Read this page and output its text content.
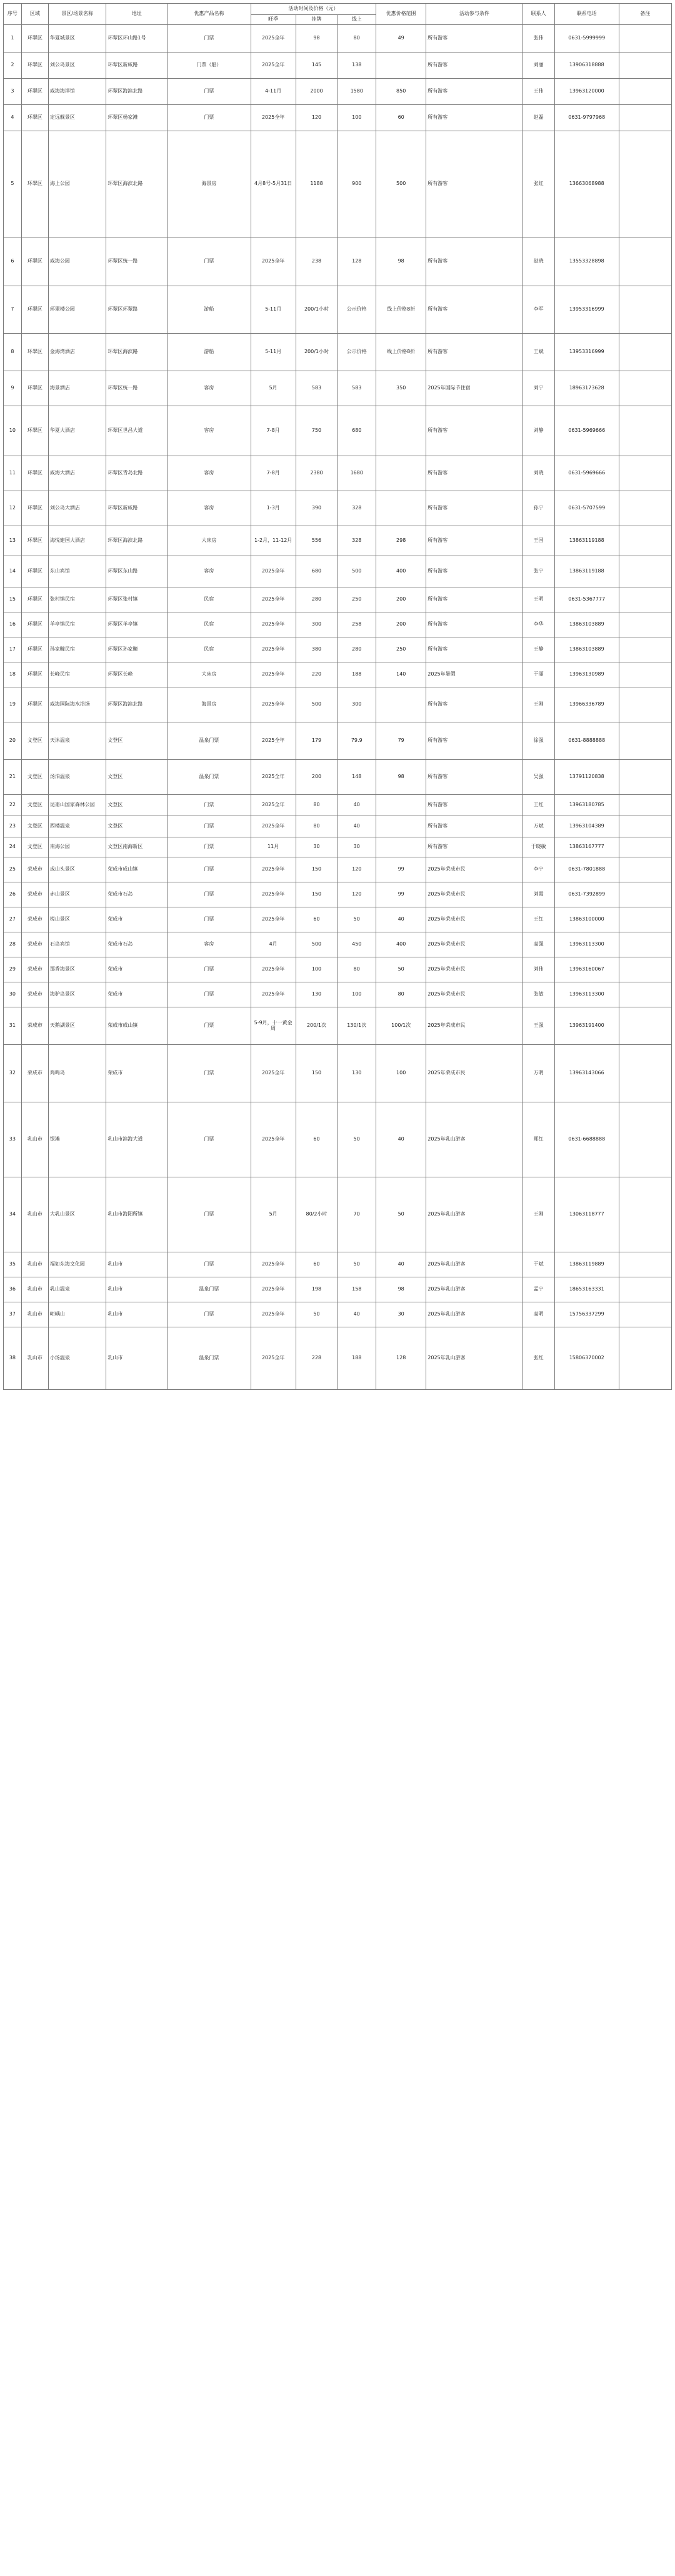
序号	区域	景区/场景名称	地址	优惠产品名称	活动时间及价格（元）			优惠价格范围	活动参与条件	联系人	联系电话	备注
					旺季	挂牌	线上					
1	环翠区	华夏城景区	环翠区环山路1号	门票	2025全年	98	80	49	所有游客	张伟	0631-5999999	
2	环翠区	刘公岛景区	环翠区新威路	门票（船）	2025全年	145	138		所有游客	刘丽	13906318888	
3	环翠区	威海海洋馆	环翠区海滨北路	门票	4-11月	2000	1580	850	所有游客	王伟	13963120000	
4	环翠区	定远舰景区	环翠区杨家滩	门票	2025全年	120	100	60	所有游客	赵磊	0631-9797968	
5	环翠区	海上公园	环翠区海滨北路	海景房	4月8号-5月31日	1188	900	500	所有游客	张红	13663068988	
6	环翠区	威海公园	环翠区统一路	门票	2025全年	238	128	98	所有游客	赵晓	13553328898	
7	环翠区	环翠楼公园	环翠区环翠路	游船	5-11月	200/1小时	公示价格	线上价格8折	所有游客	李军	13953316999	
8	环翠区	金海湾酒店	环翠区海滨路	游船	5-11月	200/1小时	公示价格	线上价格8折	所有游客	王斌	13953316999	
9	环翠区	海景酒店	环翠区统一路	客房	5月	583	583	350	2025年国际节住宿	刘宁	18963173628	
10	环翠区	华夏大酒店	环翠区世昌大道	客房	7-8月	750	680		所有游客	刘静	0631-5969666	
11	环翠区	威海大酒店	环翠区青岛北路	客房	7-8月	2380	1680		所有游客	刘晓	0631-5969666	
12	环翠区	刘公岛大酒店	环翠区新威路	客房	1-3月	390	328		所有游客	孙宁	0631-5707599	
13	环翠区	海悦建国大酒店	环翠区海滨北路	大床房	1-2月，11-12月	556	328	298	所有游客	王国	13863119188	
14	环翠区	东山宾馆	环翠区东山路	客房	2025全年	680	500	400	所有游客	张宁	13863119188	
15	环翠区	张村镇民宿	环翠区张村镇	民宿	2025全年	280	250	200	所有游客	王明	0631-5367777	
16	环翠区	羊亭镇民宿	环翠区羊亭镇	民宿	2025全年	300	258	200	所有游客	李华	13863103889	
17	环翠区	孙家疃民宿	环翠区孙家疃	民宿	2025全年	380	280	250	所有游客	王静	13863103889	
18	环翠区	长峰民宿	环翠区长峰	大床房	2025全年	220	188	140	2025年暑假	于丽	13963130989	
19	环翠区	威海国际海水浴场	环翠区海滨北路	海景房	2025全年	500	300		所有游客	王刚	13966336789	
20	文登区	天沐温泉	文登区	温泉门票	2025全年	179	79.9	79	所有游客	徐强	0631-8888888	
21	文登区	汤泊温泉	文登区	温泉门票	2025全年	200	148	98	所有游客	吴强	13791120838	
22	文登区	昆嵛山国家森林公园	文登区	门票	2025全年	80	40		所有游客	王红	13963180785	
23	文登区	西楼温泉	文登区	门票	2025全年	80	40		所有游客	万斌	13963104389	
24	文登区	南海公园	文登区南海新区	门票	11月	30	30		所有游客	于晓敏	13863167777	
25	荣成市	成山头景区	荣成市成山镇	门票	2025全年	150	120	99	2025年荣成市民	李宁	0631-7801888	
26	荣成市	赤山景区	荣成市石岛	门票	2025全年	150	120	99	2025年荣成市民	刘霞	0631-7392899	
27	荣成市	槎山景区	荣成市	门票	2025全年	60	50	40	2025年荣成市民	王红	13863100000	
28	荣成市	石岛宾馆	荣成市石岛	客房	4月	500	450	400	2025年荣成市民	高强	13963113300	
29	荣成市	那香海景区	荣成市	门票	2025全年	100	80	50	2025年荣成市民	刘伟	13963160067	
30	荣成市	海驴岛景区	荣成市	门票	2025全年	130	100	80	2025年荣成市民	张敏	13963113300	
31	荣成市	天鹅湖景区	荣成市成山镇	门票	5-9月，十一黄金周	200/1次	130/1次	100/1次	2025年荣成市民	王强	13963191400	
32	荣成市	鸡鸣岛	荣成市	门票	2025全年	150	130	100	2025年荣成市民	万明	13963143066	
33	乳山市	银滩	乳山市滨海大道	门票	2025全年	60	50	40	2025年乳山游客	郑红	0631-6688888	
34	乳山市	大乳山景区	乳山市海阳所镇	门票	5月	80/2小时	70	50	2025年乳山游客	王刚	13063118777	
35	乳山市	福如东海文化园	乳山市	门票	2025全年	60	50	40	2025年乳山游客	于斌	13863119889	
36	乳山市	乳山温泉	乳山市	温泉门票	2025全年	198	158	98	2025年乳山游客	孟宁	18653163331	
37	乳山市	岠嵎山	乳山市	门票	2025全年	50	40	30	2025年乳山游客	高明	15756337299	
38	乳山市	小汤温泉	乳山市	温泉门票	2025全年	228	188	128	2025年乳山游客	张红	15806370002	
